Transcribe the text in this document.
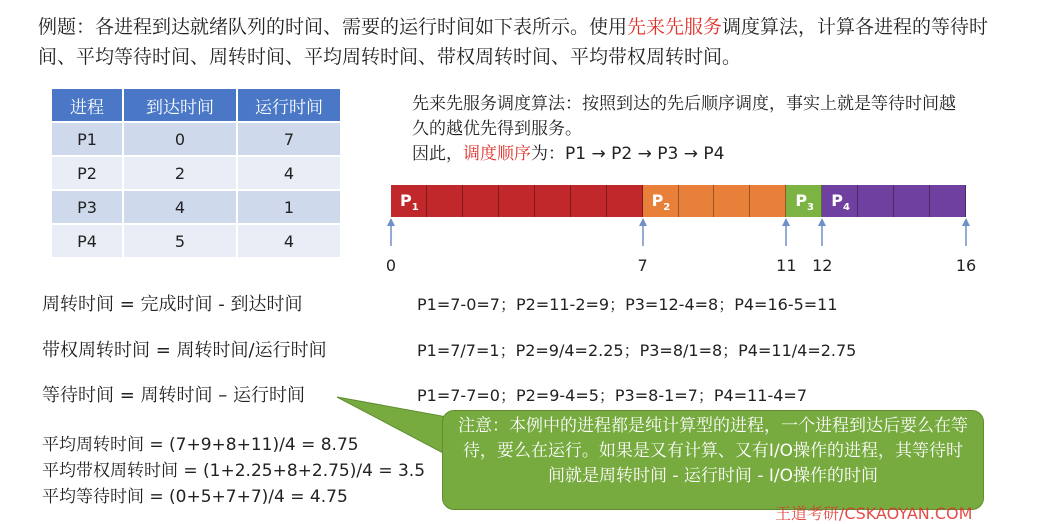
例题：各进程到达就绪队列的时间、需要的运行时间如下表所示。使用先来先服务调度算法，计算各进程的等待时间、平均等待时间、周转时间、平均周转时间、带权周转时间、平均带权周转时间。
进程	到达时间	运行时间
P1	0	7
P2	2	4
P3	4	1
P4	5	4
先来先服务调度算法：按照到达的先后顺序调度，事实上就是等待时间越久的越优先得到服务。
因此，调度顺序为：P1 → P2 → P3 → P4
$P_1$	$P_2$	$P_3$ $P_4$
0	7	11 12	16
周转时间 = 完成时间 - 到达时间
带权周转时间 = 周转时间/运行时间
等待时间 = 周转时间 – 运行时间
P1=7-0=7；P2=11-2=9；P3=12-4=8；P4=16-5=11
P1=7/7=1；P2=9/4=2.25；P3=8/1=8；P4=11/4=2.75
P1=7-7=0；P2=9-4=5；P3=8-1=7；P4=11-4=7
平均周转时间 = (7+9+8+11)/4 = 8.75
平均带权周转时间 = (1+2.25+8+2.75)/4 = 3.5
平均等待时间 = (0+5+7+7)/4 = 4.75
注意：本例中的进程都是纯计算型的进程，一个进程到达后要么在等待，要么在运行。如果是又有计算、又有I/O操作的进程，其等待时间就是周转时间 - 运行时间 - I/O操作的时间
王道考研/CSKAOYAN.COM
